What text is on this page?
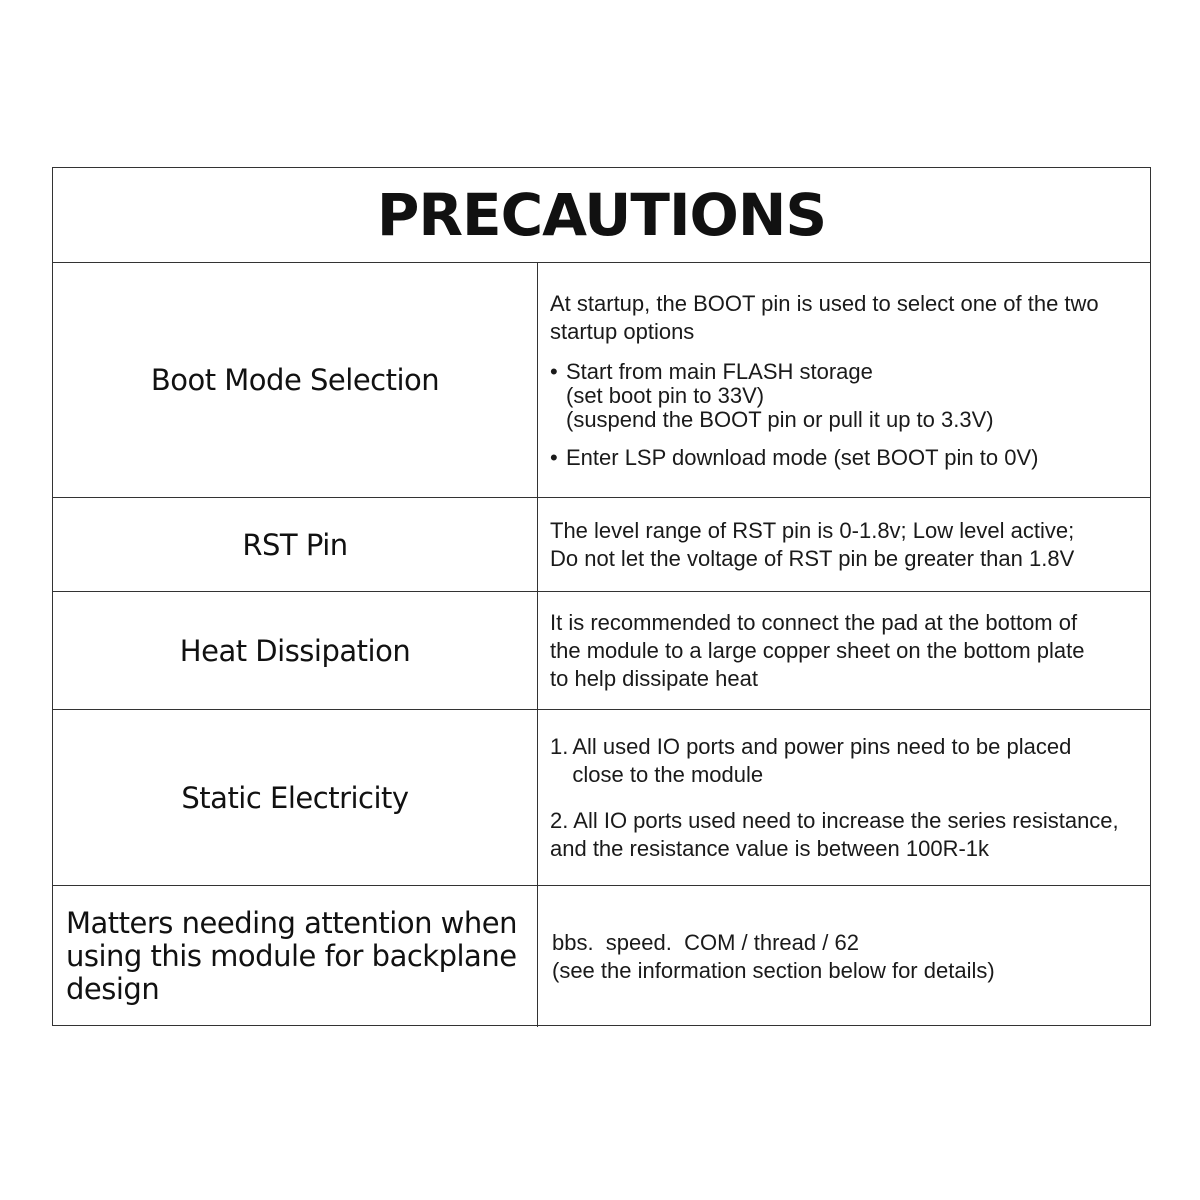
PRECAUTIONS
Boot Mode Selection

At startup, the BOOT pin is used to select one of the two startup options

• Start from main FLASH storage
(set boot pin to 33V)
(suspend the BOOT pin or pull it up to 3.3V)
• Enter LSP download mode (set BOOT pin to 0V)
RST Pin	The level range of RST pin is 0-1.8v; Low level active;

Do not let the voltage of RST pin be greater than 1.8V

Heat Dissipation

It is recommended to connect the pad at the bottom of

the module to a large copper sheet on the bottom plate

to help dissipate heat

Static Electricity
1. All used IO ports and power pins need to be placed
close to the module
2. All IO ports used need to increase the series resistance,
and the resistance value is between 100R-1k
Matters needing attention when
using this module for backplane
design

bbs.  speed.  COM / thread / 62

(see the information section below for details)
